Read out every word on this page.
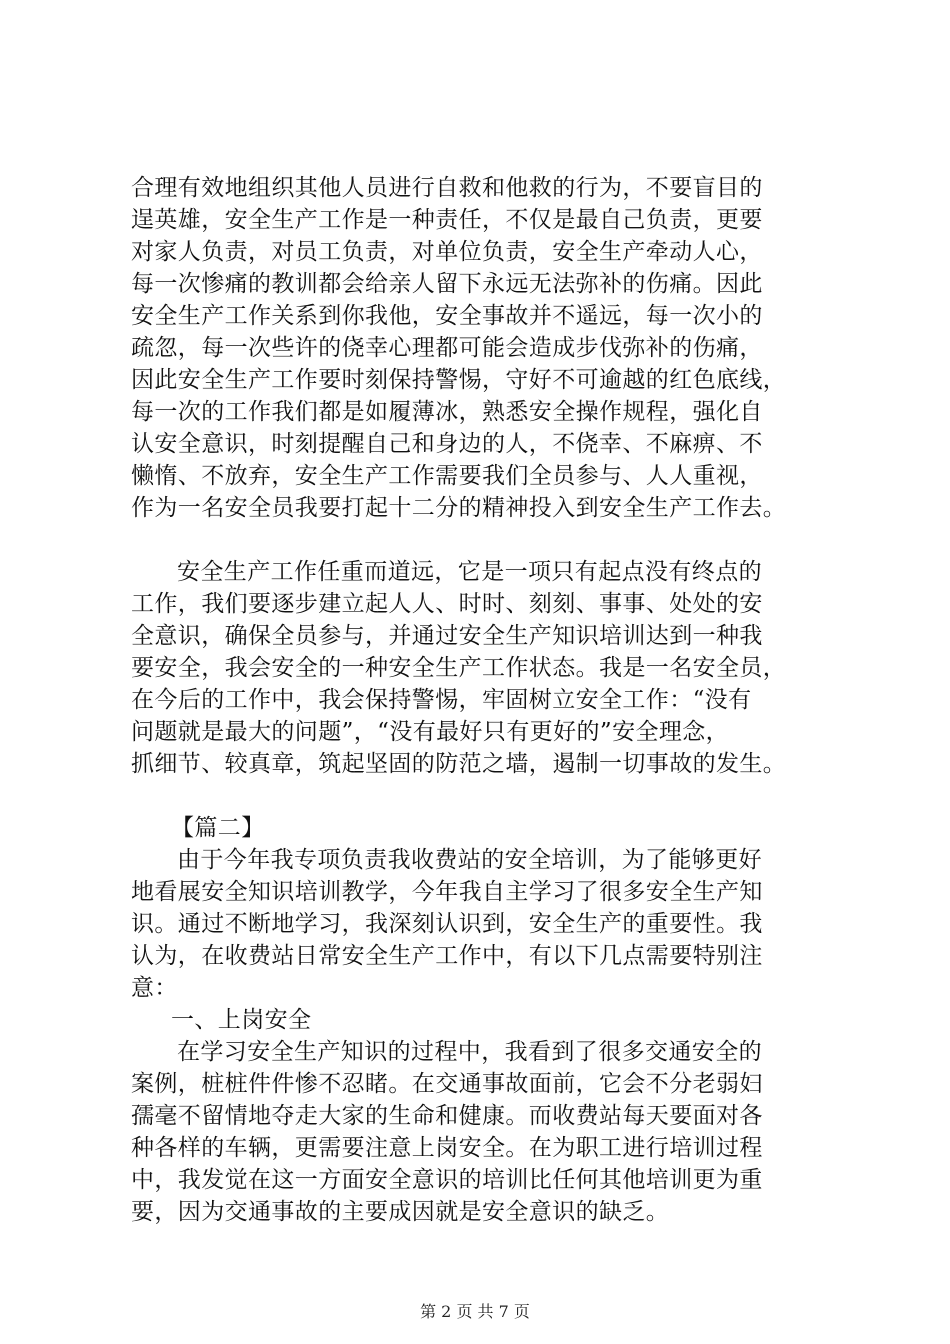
合理有效地组织其他人员进行自救和他救的行为，不要盲目的
逞英雄，安全生产工作是一种责任，不仅是最自己负责，更要
对家人负责，对员工负责，对单位负责，安全生产牵动人心，
每一次惨痛的教训都会给亲人留下永远无法弥补的伤痛。因此
安全生产工作关系到你我他，安全事故并不遥远，每一次小的
疏忽，每一次些许的侥幸心理都可能会造成步伐弥补的伤痛，
因此安全生产工作要时刻保持警惕，守好不可逾越的红色底线，
每一次的工作我们都是如履薄冰，熟悉安全操作规程，强化自
认安全意识，时刻提醒自己和身边的人，不侥幸、不麻痹、不
懒惰、不放弃，安全生产工作需要我们全员参与、人人重视，
作为一名安全员我要打起十二分的精神投入到安全生产工作去。
安全生产工作任重而道远，它是一项只有起点没有终点的
工作，我们要逐步建立起人人、时时、刻刻、事事、处处的安
全意识，确保全员参与，并通过安全生产知识培训达到一种我
要安全，我会安全的一种安全生产工作状态。我是一名安全员，
在今后的工作中，我会保持警惕，牢固树立安全工作：“没有
问题就是最大的问题”，“没有最好只有更好的”安全理念，
抓细节、较真章，筑起坚固的防范之墙，遏制一切事故的发生。
【篇二】
由于今年我专项负责我收费站的安全培训，为了能够更好
地看展安全知识培训教学，今年我自主学习了很多安全生产知
识。通过不断地学习，我深刻认识到，安全生产的重要性。我
认为，在收费站日常安全生产工作中，有以下几点需要特别注
意：
一、上岗安全
在学习安全生产知识的过程中，我看到了很多交通安全的
案例，桩桩件件惨不忍睹。在交通事故面前，它会不分老弱妇
孺毫不留情地夺走大家的生命和健康。而收费站每天要面对各
种各样的车辆，更需要注意上岗安全。在为职工进行培训过程
中，我发觉在这一方面安全意识的培训比任何其他培训更为重
要，因为交通事故的主要成因就是安全意识的缺乏。
第 2 页 共 7 页
